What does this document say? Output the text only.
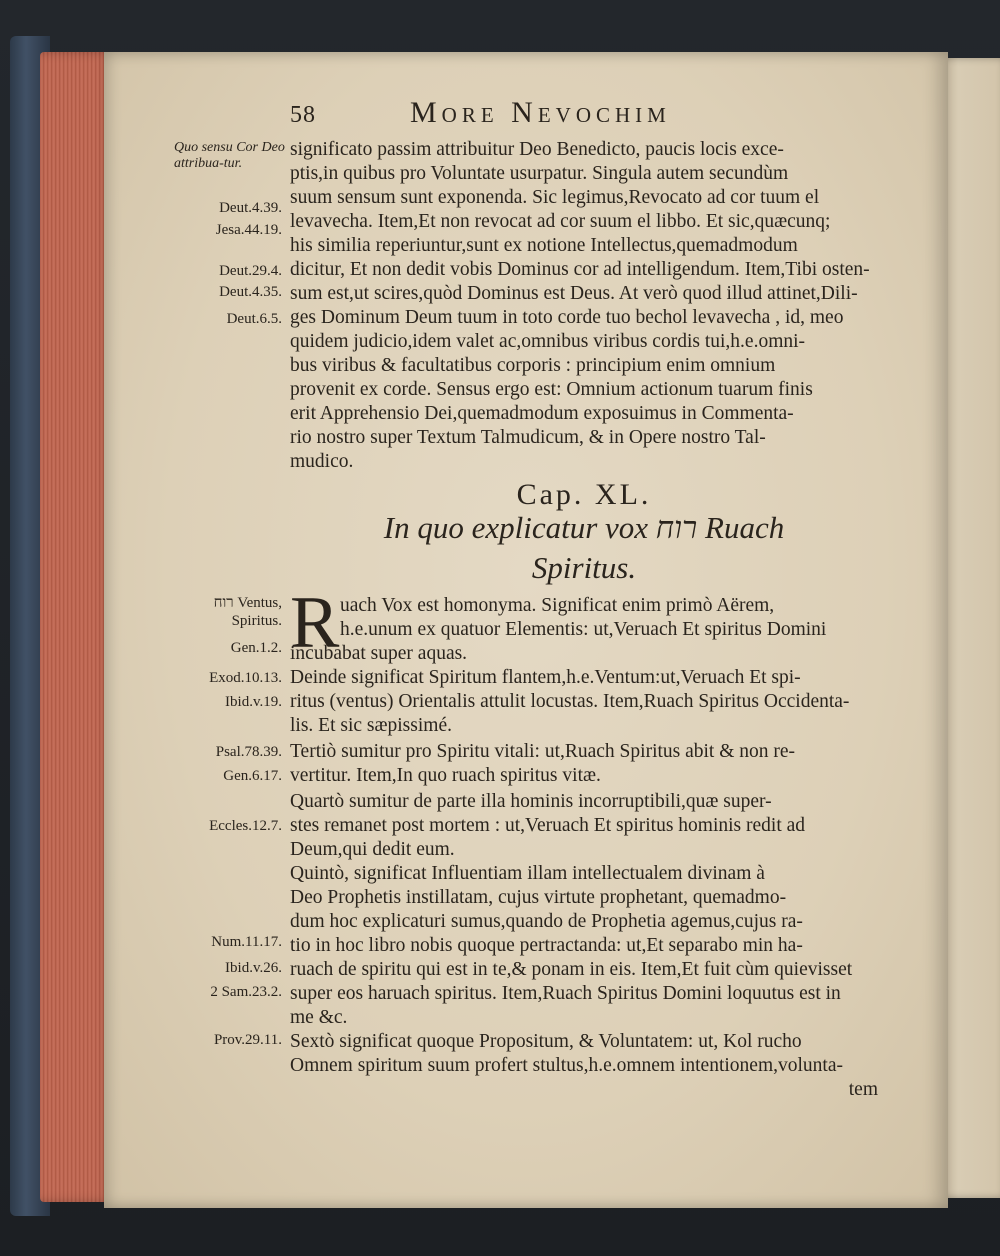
58	More Nevochim
Quo sensu Cor Deo attribua-tur.
Deut.4.39.
Jesa.44.19.
Deut.29.4.
Deut.4.35.
Deut.6.5.
רוח Ventus, Spiritus.
Gen.1.2.
Exod.10.13.
Ibid.v.19.
Psal.78.39.
Gen.6.17.
Eccles.12.7.
Num.11.17.
Ibid.v.26.
2 Sam.23.2.
Prov.29.11.
significato passim attribuitur Deo Benedicto, paucis locis exce-
ptis,in quibus pro Voluntate usurpatur. Singula autem secundùm
suum sensum sunt exponenda. Sic legimus,Revocato ad cor tuum el
levavecha. Item,Et non revocat ad cor suum el libbo. Et sic,quæcunq;
his similia reperiuntur,sunt ex notione Intellectus,quemadmodum
dicitur, Et non dedit vobis Dominus cor ad intelligendum. Item,Tibi osten-
sum est,ut scires,quòd Dominus est Deus. At verò quod illud attinet,Dili-
ges Dominum Deum tuum in toto corde tuo bechol levavecha , id, meo
quidem judicio,idem valet ac,omnibus viribus cordis tui,h.e.omni-
bus viribus & facultatibus corporis : principium enim omnium
provenit ex corde. Sensus ergo est: Omnium actionum tuarum finis
erit Apprehensio Dei,quemadmodum exposuimus in Commenta-
rio nostro super Textum Talmudicum, & in Opere nostro Tal-
mudico.
Cap. XL.
In quo explicatur vox רוח Ruach
Spiritus.
R uach Vox est homonyma. Significat enim primò Aërem,
h.e.unum ex quatuor Elementis: ut,Veruach Et spiritus Domini
incubabat super aquas.
Deinde significat Spiritum flantem,h.e.Ventum:ut,Veruach Et spi-
ritus (ventus) Orientalis attulit locustas. Item,Ruach Spiritus Occidenta-
lis. Et sic sæpissimé.
Tertiò sumitur pro Spiritu vitali: ut,Ruach Spiritus abit & non re-
vertitur. Item,In quo ruach spiritus vitæ.
Quartò sumitur de parte illa hominis incorruptibili,quæ super-
stes remanet post mortem : ut,Veruach Et spiritus hominis redit ad
Deum,qui dedit eum.
Quintò, significat Influentiam illam intellectualem divinam à
Deo Prophetis instillatam, cujus virtute prophetant, quemadmo-
dum hoc explicaturi sumus,quando de Prophetia agemus,cujus ra-
tio in hoc libro nobis quoque pertractanda: ut,Et separabo min ha-
ruach de spiritu qui est in te,& ponam in eis. Item,Et fuit cùm quievisset
super eos haruach spiritus. Item,Ruach Spiritus Domini loquutus est in
me &c.
Sextò significat quoque Propositum, & Voluntatem: ut, Kol rucho
Omnem spiritum suum profert stultus,h.e.omnem intentionem,volunta-
tem
